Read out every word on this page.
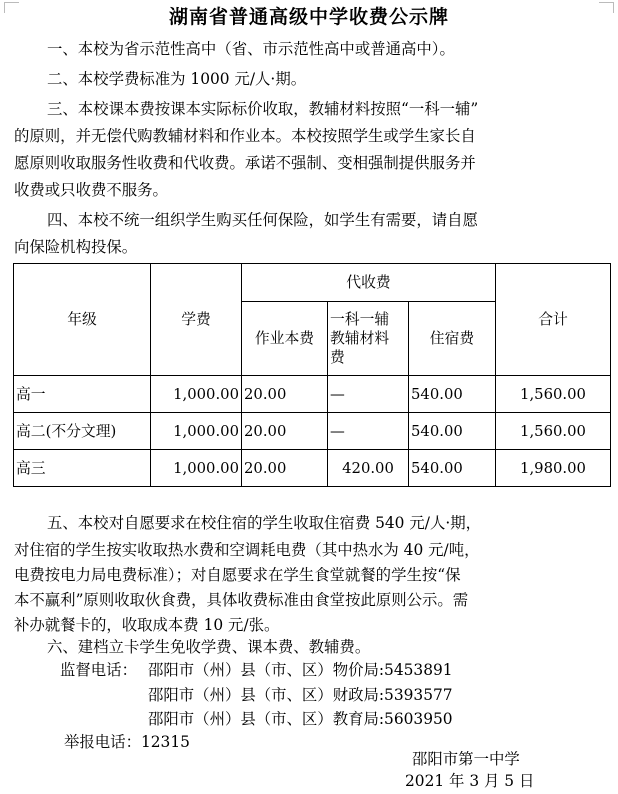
湖南省普通高级中学收费公示牌

一、本校为省示范性高中（省、市示范性高中或普通高中）。

二、本校学费标准为 1000 元/人·期。

三、本校课本费按课本实际标价收取，教辅材料按照“一科一辅”

的原则，并无偿代购教辅材料和作业本。本校按照学生或学生家长自

愿原则收取服务性收费和代收费。承诺不强制、变相强制提供服务并

收费或只收费不服务。

四、本校不统一组织学生购买任何保险，如学生有需要，请自愿

向保险机构投保。

年级	学费	代收费			合计
		作业本费	一科一辅
教辅材料
费	住宿费	
高一	1,000.00	20.00	—	540.00	1,560.00
高二(不分文理)	1,000.00	20.00	—	540.00	1,560.00
高三	1,000.00	20.00	420.00	540.00	1,980.00

五、本校对自愿要求在校住宿的学生收取住宿费 540 元/人·期，

对住宿的学生按实收取热水费和空调耗电费（其中热水为 40 元/吨，

电费按电力局电费标准）；对自愿要求在学生食堂就餐的学生按“保

本不赢利”原则收取伙食费，具体收费标准由食堂按此原则公示。需

补办就餐卡的，收取成本费 10 元/张。

六、建档立卡学生免收学费、课本费、教辅费。

监督电话： 邵阳市（州）县（市、区）物价局:5453891
邵阳市（州）县（市、区）财政局:5393577
邵阳市（州）县（市、区）教育局:5603950
举报电话：12315
邵阳市第一中学
2021 年 3 月 5 日
